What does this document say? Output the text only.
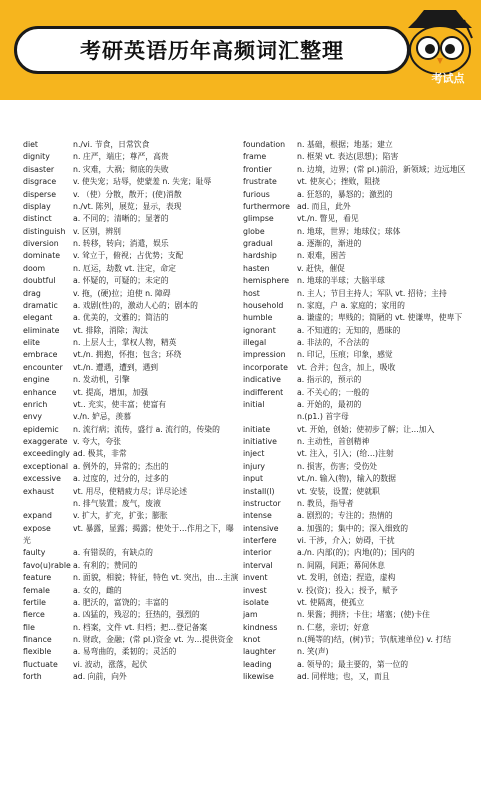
考研英语历年高频词汇整理
考试点
diet	n./vi. 节食，日常饮食
dignity	n. 庄严，端庄；尊严，高贵
disaster n. 灾难，大祸；彻底的失败
disgrace v. 使失宠；玷辱，使蒙羞 n. 失宠；耻辱
disperse v. （使）分散，散开；(使)消散
display	n./vt. 陈列，展览；显示，表现
distinct	a. 不同的；清晰的；显著的
distinguish v. 区别，辨别
diversion n. 转移，转向；消遣，娱乐
dominate v. 耸立于，俯视；占优势；支配
doom	n. 厄运，劫数 vt. 注定，命定
doubtful a. 怀疑的，可疑的；未定的
drag	v. 拖，(硬)拉；迫使 n. 障碍
dramatic a. 戏剧(性)的，激动人心的；剧本的
elegant	a. 优美的，文雅的；简洁的
eliminate vt. 排除，消除；淘汰
elite	n. 上层人士，掌权人物，精英
embrace vt./n. 拥抱，怀抱；包含；环绕
encounter vt./n. 遭遇，遭到，遇到
engine	n. 发动机，引擎
enhance vt. 提高，增加，加强
enrich	vt.. 充实，使丰富；使富有
envy	v./n. 妒忌，羡慕
epidemic n. 流行病；流传，盛行 a. 流行的，传染的
exaggerate v. 夸大，夸张
exceedingly ad. 极其，非常
exceptional a. 例外的，异常的；杰出的
excessive a. 过度的，过分的，过多的
exhaust vt. 用尽，使精疲力尽；详尽论述
n. 排气装置；废气，废液
expand	v. 扩大，扩充，扩张；膨胀
expose	vt. 暴露，显露；揭露；使处于…作用之下，曝光
faulty	a. 有错误的，有缺点的
favo(u)rable a. 有利的；赞同的
feature	n. 面貌，相貌；特征，特色 vt. 突出，由…主演
female	a. 女的，雌的
fertile	a. 肥沃的，富饶的；丰富的
fierce	a. 凶猛的，残忍的；狂热的，强烈的
file	n. 档案，文件 vt. 归档；把…登记备案
finance	n. 财政，金融；(常 pl.)资金 vt. 为…提供资金
flexible	a. 易弯曲的，柔韧的；灵活的
fluctuate vi. 波动，涨落，起伏
forth	ad. 向前，向外
foundation n. 基础，根据；地基；建立
frame	n. 框架 vt. 表达(思想)；陷害
frontier	n. 边境，边界；(常 pl.)前沿，新领域；边远地区
frustrate	vt. 使灰心；挫败，阻挠
furious	a. 狂怒的，暴怒的；激烈的
furthermore ad. 而且，此外
glimpse	vt./n. 瞥见，看见
globe	n. 地球，世界；地球仪；球体
gradual	a. 逐渐的，渐进的
hardship	n. 艰难，困苦
hasten	v. 赶快，催促
hemisphere n. 地球的半球；大脑半球
host	n. 主人；节目主持人；军队 vt. 招待；主持
household n. 家庭，户 a. 家庭的；家用的
humble	a. 谦虚的；卑贱的；简陋的 vt. 使谦卑，使卑下
ignorant	a. 不知道的；无知的，愚昧的
illegal	a. 非法的，不合法的
impression n. 印记，压痕；印象，感觉
incorporate vt. 合并；包含，加上，吸收
indicative a. 指示的，预示的
indifferent a. 不关心的；一般的
initial	a. 开始的，最初的
n.(p1.) 首字母
initiate	vt. 开始，创始；使初步了解；让…加入
initiative	n. 主动性，首创精神
inject	vt. 注入，引入；(给…)注射
injury	n. 损害，伤害；受伤处
input	vt./n. 输入(物)，输入的数据
install(l)	vt. 安装，设置；使就职
instructor n. 教员，指导者
intense	a. 剧烈的；专注的；热情的
intensive a. 加强的；集中的；深入细致的
interfere	vi. 干涉，介入；妨碍，干扰
interior	a./n. 内部(的)；内地(的)；国内的
interval	n. 间隔，间距；幕间休息
invent	vt. 发明，创造；捏造，虚构
invest	v. 投(资)；投入；授予，赋予
isolate	vt. 使隔离，使孤立
jam	n. 果酱；拥挤；卡住；堵塞；(使)卡住
kindness	n. 仁慈，亲切；好意
knot	n.(绳等的)结，(树)节；节(航速单位) v. 打结
laughter	n. 笑(声)
leading	a. 领导的；最主要的，第一位的
likewise	ad. 同样地；也，又，而且
